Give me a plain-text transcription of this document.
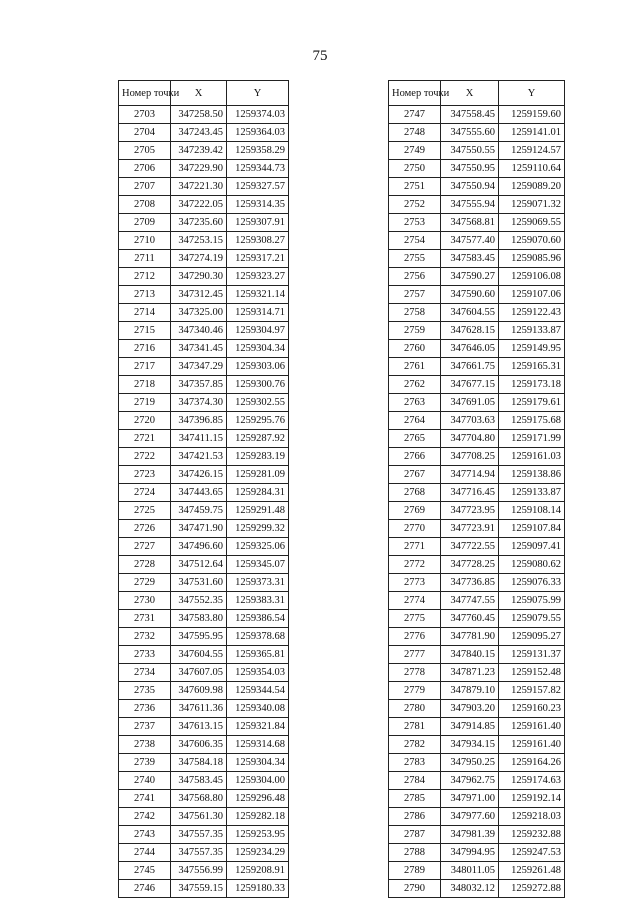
75
Номер точки	X	Y
2703	347258.50	1259374.03
2704	347243.45	1259364.03
2705	347239.42	1259358.29
2706	347229.90	1259344.73
2707	347221.30	1259327.57
2708	347222.05	1259314.35
2709	347235.60	1259307.91
2710	347253.15	1259308.27
2711	347274.19	1259317.21
2712	347290.30	1259323.27
2713	347312.45	1259321.14
2714	347325.00	1259314.71
2715	347340.46	1259304.97
2716	347341.45	1259304.34
2717	347347.29	1259303.06
2718	347357.85	1259300.76
2719	347374.30	1259302.55
2720	347396.85	1259295.76
2721	347411.15	1259287.92
2722	347421.53	1259283.19
2723	347426.15	1259281.09
2724	347443.65	1259284.31
2725	347459.75	1259291.48
2726	347471.90	1259299.32
2727	347496.60	1259325.06
2728	347512.64	1259345.07
2729	347531.60	1259373.31
2730	347552.35	1259383.31
2731	347583.80	1259386.54
2732	347595.95	1259378.68
2733	347604.55	1259365.81
2734	347607.05	1259354.03
2735	347609.98	1259344.54
2736	347611.36	1259340.08
2737	347613.15	1259321.84
2738	347606.35	1259314.68
2739	347584.18	1259304.34
2740	347583.45	1259304.00
2741	347568.80	1259296.48
2742	347561.30	1259282.18
2743	347557.35	1259253.95
2744	347557.35	1259234.29
2745	347556.99	1259208.91
2746	347559.15	1259180.33
Номер точки	X	Y
2747	347558.45	1259159.60
2748	347555.60	1259141.01
2749	347550.55	1259124.57
2750	347550.95	1259110.64
2751	347550.94	1259089.20
2752	347555.94	1259071.32
2753	347568.81	1259069.55
2754	347577.40	1259070.60
2755	347583.45	1259085.96
2756	347590.27	1259106.08
2757	347590.60	1259107.06
2758	347604.55	1259122.43
2759	347628.15	1259133.87
2760	347646.05	1259149.95
2761	347661.75	1259165.31
2762	347677.15	1259173.18
2763	347691.05	1259179.61
2764	347703.63	1259175.68
2765	347704.80	1259171.99
2766	347708.25	1259161.03
2767	347714.94	1259138.86
2768	347716.45	1259133.87
2769	347723.95	1259108.14
2770	347723.91	1259107.84
2771	347722.55	1259097.41
2772	347728.25	1259080.62
2773	347736.85	1259076.33
2774	347747.55	1259075.99
2775	347760.45	1259079.55
2776	347781.90	1259095.27
2777	347840.15	1259131.37
2778	347871.23	1259152.48
2779	347879.10	1259157.82
2780	347903.20	1259160.23
2781	347914.85	1259161.40
2782	347934.15	1259161.40
2783	347950.25	1259164.26
2784	347962.75	1259174.63
2785	347971.00	1259192.14
2786	347977.60	1259218.03
2787	347981.39	1259232.88
2788	347994.95	1259247.53
2789	348011.05	1259261.48
2790	348032.12	1259272.88
